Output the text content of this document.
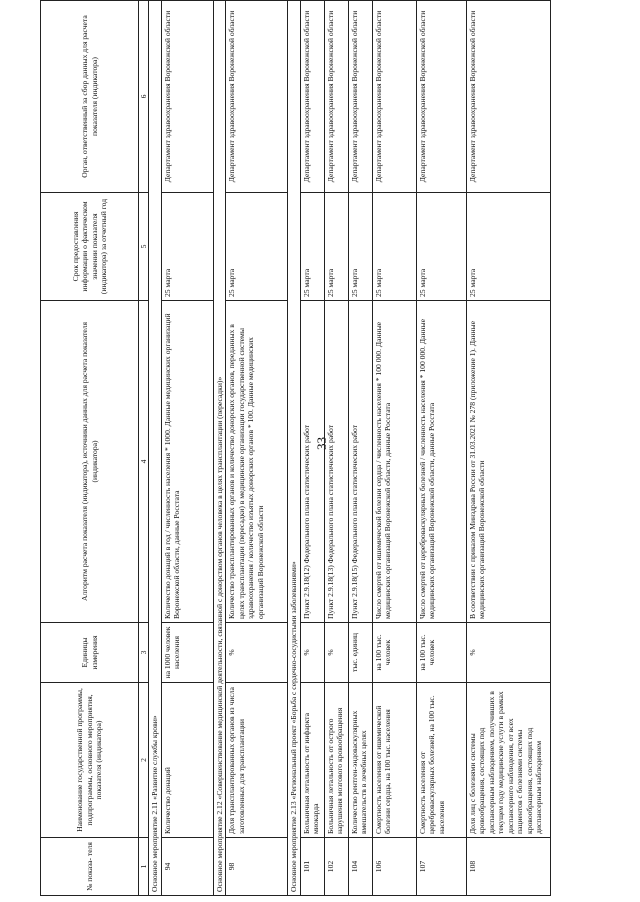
33
№ показа- теля	Наименование государственной программы, подпрограммы, основного мероприятия, показателя (индикатора)	Единицы измерения	Алгоритм расчета показателя (индикатора), источники данных для расчета показателя (индикатора)	Срок предоставления информации о фактическом значении показателя (индикатора) за отчетный год	Орган, ответственный за сбор данных для расчета показателя (индикатора)
1	2	3	4	5	6
Основное мероприятие 2.11 «Развитие службы крови»					
94	Количество донаций	на 1000 человек населения	Количество донаций в год / численность населения * 1000. Данные медицинских организаций Воронежской области, данные Росстата	25 марта	Департамент здравоохранения Воронежской области
Основное мероприятие 2.12 «Совершенствование медицинской деятельности, связанной с донорством органов человека в целях трансплантации (пересадки)»					
98	Доля трансплантированных органов из числа заготовленных для трансплантации	%	Количество трансплантированных органов и количество донорских органов, переданных в целях трансплантации (пересадки) в медицинские организации государственной системы здравоохранения / количество изъятых донорских органов * 100. Данные медицинских организаций Воронежской области	25 марта	Департамент здравоохранения Воронежской области
Основное мероприятие 2.13 «Региональный проект «Борьба с сердечно-сосудистыми заболеваниями»					
101	Больничная летальность от инфаркта миокарда	%	Пункт 2.9.18(12) Федерального плана статистических работ	25 марта	Департамент здравоохранения Воронежской области
102	Больничная летальность от острого нарушения мозгового кровообращения	%	Пункт 2.9.18(13) Федерального плана статистических работ	25 марта	Департамент здравоохранения Воронежской области
104	Количество рентген-эндоваскулярных вмешательств в лечебных целях	тыс. единиц	Пункт 2.9.18(15) Федерального плана статистических работ	25 марта	Департамент здравоохранения Воронежской области
106	Смертность населения от ишемической болезни сердца, на 100 тыс. населения	на 100 тыс. человек	Число смертей от ишемической болезни сердца / численность населения * 100 000. Данные медицинских организаций Воронежской области, данные Росстата	25 марта	Департамент здравоохранения Воронежской области
107	Смертность населения от цереброваскулярных болезней, на 100 тыс. населения	на 100 тыс. человек	Число смертей от цереброваскулярных болезней / численность населения * 100 000. Данные медицинских организаций Воронежской области, данные Росстата	25 марта	Департамент здравоохранения Воронежской области
108	Доля лиц с болезнями системы кровообращения, состоящих под диспансерным наблюдением, получивших в текущем году медицинские услуги в рамках диспансерного наблюдения, от всех пациентов с болезнями системы кровообращения, состоящих под диспансерным наблюдением	%	В соответствии с приказом Минздрава России от 31.03.2021 № 278 (приложение 1). Данные медицинских организаций Воронежской области	25 марта	Департамент здравоохранения Воронежской области
